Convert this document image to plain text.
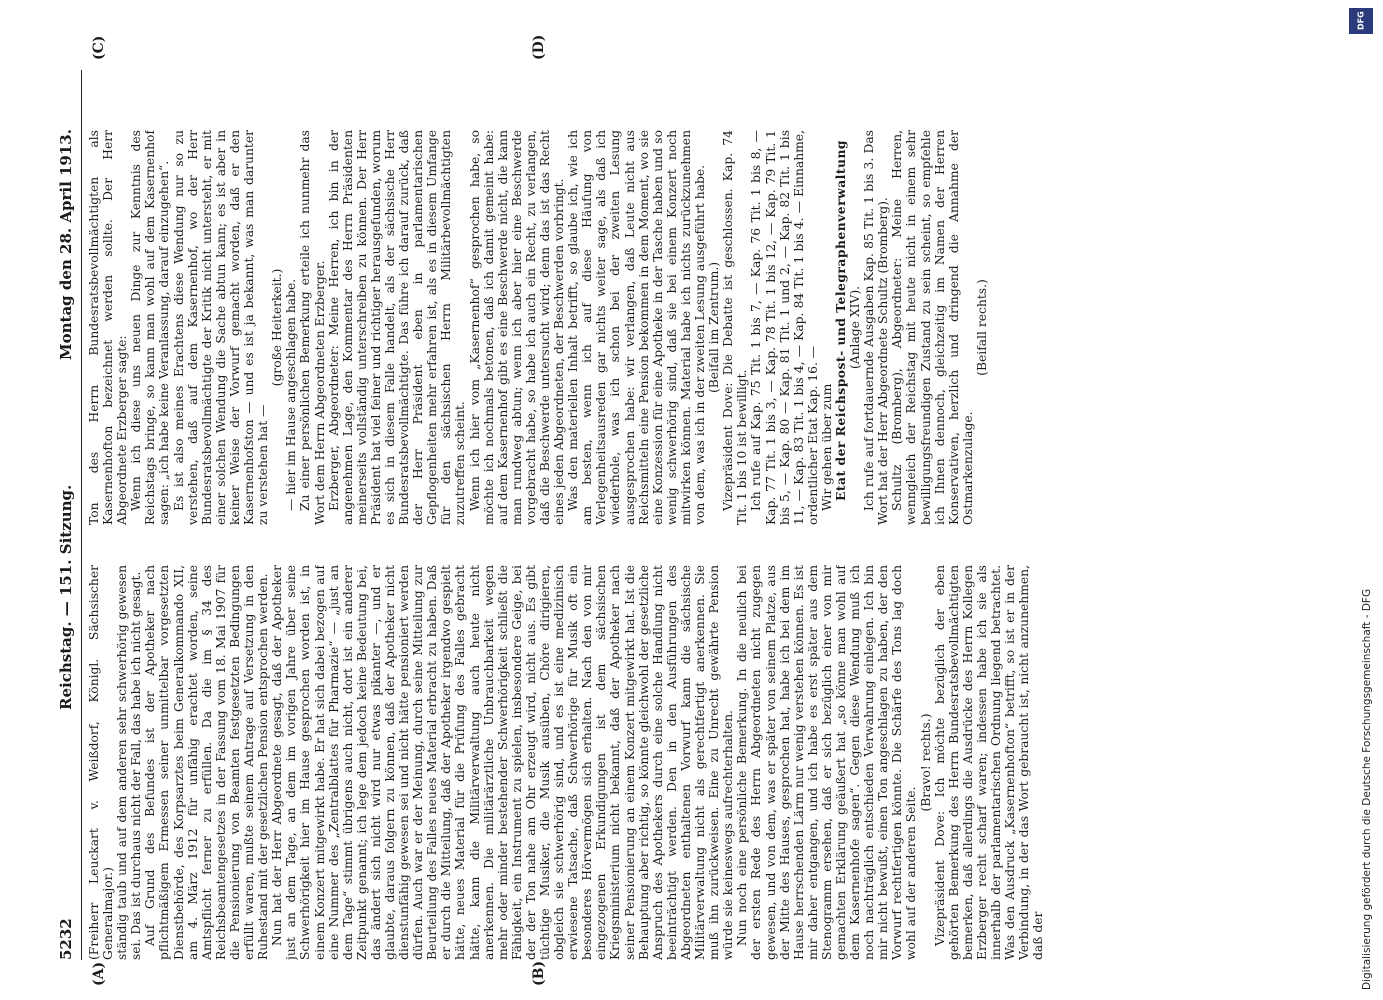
5232
Reichstag. — 151. Sitzung.
Montag den 28. April 1913.
(A)	(B)
(C)	(D)

(Freiherr Leuckart v. Weißdorf, Königl. Sächsischer Generalmajor.) ständig taub und auf dem anderen sehr schwerhörig gewesen sei. Das ist durchaus nicht der Fall, das habe ich nicht gesagt. Auf Grund des Befundes ist der Apotheker nach pflichtmäßigem Ermessen seiner unmittelbar vorgesetzten Dienstbehörde, des Korpsarztes beim Generalkommando XII, am 4. März 1912 für unfähig erachtet worden, seine Amtspflicht ferner zu erfüllen. Da die im § 34 des Reichsbeamtengesetzes in der Fassung vom 18. Mai 1907 für die Pensionierung von Beamten festgesetzten Bedingungen erfüllt waren, mußte seinem Antrage auf Versetzung in den Ruhestand mit der gesetzlichen Pension entsprochen werden. Nun hat der Herr Abgeordnete gesagt, daß der Apotheker just an dem Tage, an dem im vorigen Jahre über seine Schwerhörigkeit hier im Hause gesprochen worden ist, in einem Konzert mitgewirkt habe. Er hat sich dabei bezogen auf eine Nummer des „Zentralblattes für Pharmazie“ — „just an dem Tage“ stimmt übrigens auch nicht, dort ist ein anderer Zeitpunkt genannt; ich lege dem jedoch keine Bedeutung bei, das ändert sich nicht wird nur etwas pikanter —, und er glaubte, daraus folgern zu können, daß der Apotheker nicht dienstunfähig gewesen sei und nicht hätte pensioniert werden dürfen. Auch war er der Meinung, durch seine Mitteilung zur Beurteilung des Falles neues Material erbracht zu haben. Daß er durch die Mitteilung, daß der Apotheker irgendwo gespielt hätte, neues Material für die Prüfung des Falles gebracht hätte, kann die Militärverwaltung auch heute nicht anerkennen. Die militärärztliche Unbrauchbarkeit wegen mehr oder minder bestehender Schwerhörigkeit schließt die Fähigkeit, ein Instrument zu spielen, insbesondere Geige, bei der der Ton nahe am Ohr erzeugt wird, nicht aus. Es gibt tüchtige Musiker, die Musik ausüben, Chöre dirigieren, obgleich sie schwerhörig sind, und es ist eine medizinisch erwiesene Tatsache, daß Schwerhörige für Musik oft ein besonderes Hörvermögen sich erhalten. Nach den von mir eingezogenen Erkundigungen ist dem sächsischen Kriegsministerium nicht bekannt, daß der Apotheker nach seiner Pensionierung an einem Konzert mitgewirkt hat. Ist die Behauptung aber richtig, so könnte gleichwohl der gesetzliche Anspruch des Apothekers durch eine solche Handlung nicht beeinträchtigt werden. Den in den Ausführungen des Abgeordneten enthaltenen Vorwurf kann die sächsische Militärverwaltung nicht als gerechtfertigt anerkennen. Sie muß ihn zurückweisen. Eine zu Unrecht gewährte Pension würde sie keineswegs aufrechterhalten. Nun noch eine persönliche Bemerkung. In die neulich bei der ersten Rede des Herrn Abgeordneten nicht zugegen gewesen, und von dem, was er später von seinem Platze, aus der Mitte des Hauses, gesprochen hat, habe ich bei dem im Hause herrschenden Lärm nur wenig verstehen können. Es ist mir daher entgangen, und ich habe es erst später aus dem Stenogramm ersehen, daß er sich bezüglich einer von mir gemachten Erklärung geäußert hat „so könne man wohl auf dem Kasernenhofe sagen“. Gegen diese Wendung muß ich noch nachträglich entschieden Verwahrung einlegen. Ich bin mir nicht bewußt, einen Ton angeschlagen zu haben, der den Vorwurf rechtfertigen könnte. Die Schärfe des Tons lag doch wohl auf der anderen Seite.

(Bravo! rechts.) Vizepräsident Dove: Ich möchte bezüglich der eben gehörten Bemerkung des Herrn Bundesratsbevollmächtigten bemerken, daß allerdings die Ausdrücke des Herrn Kollegen Erzberger recht scharf waren; indessen habe ich sie als innerhalb der parlamentarischen Ordnung liegend betrachtet. Was den Ausdruck „Kasernenhofton“ betrifft, so ist er in der Verbindung, in der das Wort gebraucht ist, nicht anzunehmen, daß der

Ton des Herrn Bundesratsbevollmächtigten als Kasernenhofton bezeichnet werden sollte. Der Herr Abgeordnete Erzberger sagte: Wenn ich diese uns neuen Dinge zur Kenntnis des Reichstags bringe, so kann man wohl auf dem Kasernenhof sagen: „ich habe keine Veranlassung, darauf einzugehen“. Es ist also meines Erachtens diese Wendung nur so zu verstehen, daß auf dem Kasernenhof, wo der Herr Bundesratsbevollmächtigte der Kritik nicht untersteht, er mit einer solchen Wendung die Sache abtun kann; es ist aber in keiner Weise der Vorwurf gemacht worden, daß er den Kasernenhofston — und es ist ja bekannt, was man darunter zu verstehen hat —

(große Heiterkeit.) — hier im Hause angeschlagen habe. Zu einer persönlichen Bemerkung erteile ich nunmehr das Wort dem Herrn Abgeordneten Erzberger. Erzberger, Abgeordneter: Meine Herren, ich bin in der angenehmen Lage, den Kommentar des Herrn Präsidenten meinerseits vollständig unterschreiben zu können. Der Herr Präsident hat viel feiner und richtiger herausgefunden, worum es sich in diesem Falle handelt, als der sächsische Herr Bundesratsbevollmächtigte. Das führe ich darauf zurück, daß der Herr Präsident eben in parlamentarischen Gepflogenheiten mehr erfahren ist, als es in diesem Umfange für den sächsischen Herrn Militärbevollmächtigten zuzutreffen scheint. Wenn ich hier vom „Kasernenhof“ gesprochen habe, so möchte ich nochmals betonen, daß ich damit gemeint habe: auf dem Kasernenhof gibt es eine Beschwerde nicht, die kann man rundweg abtun; wenn ich aber hier eine Beschwerde vorgebracht habe, so habe ich auch ein Recht, zu verlangen, daß die Beschwerde untersucht wird; denn das ist das Recht eines jeden Abgeordneten, der Beschwerden vorbringt. Was den materiellen Inhalt betrifft, so glaube ich, wie ich am besten, wenn ich auf diese Häufung von Verlegenheitsausreden gar nichts weiter sage, als daß ich wiederhole, was ich schon bei der zweiten Lesung ausgesprochen habe: wir verlangen, daß Leute nicht aus Reichsmitteln eine Pension bekommen in dem Moment, wo sie eine Konzession für eine Apotheke in der Tasche haben und so wenig schwerhörig sind, daß sie bei einem Konzert noch mitwirken können. Material habe ich nichts zurückzunehmen von dem, was ich in der zweiten Lesung ausgeführt habe. (Beifall im Zentrum.) Vizepräsident Dove: Die Debatte ist geschlossen. Kap. 74 Tit. 1 bis 10 ist bewilligt. Ich rufe auf Kap. 75 Tit. 1 bis 7, — Kap. 76 Tit. 1 bis 8, — Kap. 77 Tit. 1 bis 3, — Kap. 78 Tit. 1 bis 12, — Kap. 79 Tit. 1 bis 5, — Kap. 80 — Kap. 81 Tit. 1 und 2, — Kap. 82 Tit. 1 bis 11, — Kap. 83 Tit. 1 bis 4, — Kap. 84 Tit. 1 bis 4. — Einnahme, ordentlicher Etat Kap. 16. — Wir gehen über zum Etat der Reichspost- und Telegraphenverwaltung (Anlage XIV). Ich rufe auf fortdauernde Ausgaben Kap. 85 Tit. 1 bis 3. Das Wort hat der Herr Abgeordnete Schultz (Bromberg). Schultz (Bromberg), Abgeordneter: Meine Herren, wenngleich der Reichstag mit heute nicht in einem sehr bewilligungsfreundigen Zustand zu sein scheint, so empfehle ich Ihnen dennoch, gleichzeitig im Namen der Herren Konservativen, herzlich und dringend die Annahme der Ostmarkenzulage.

(Beifall rechts.)

DFG
Digitalisierung gefördert durch die Deutsche Forschungsgemeinschaft - DFG
